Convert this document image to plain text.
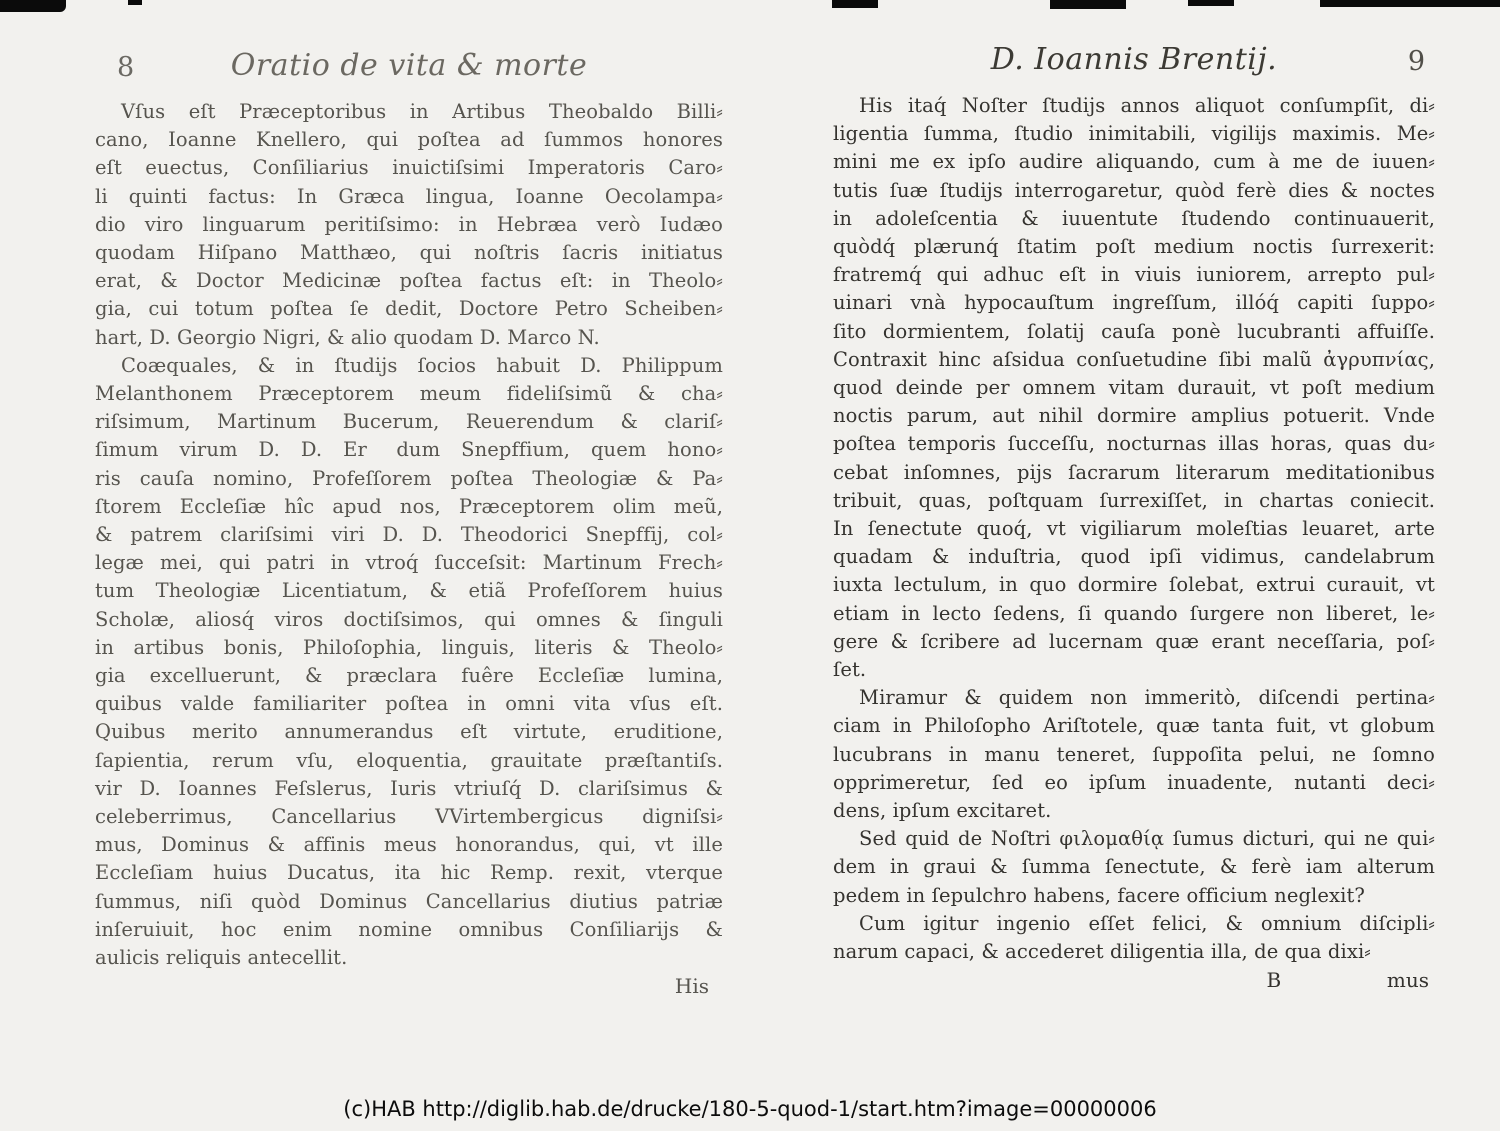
8	Oratio de vita & morte
Vſus eſt Præceptoribus in Artibus Theobaldo Billi⸗
cano, Ioanne Knellero, qui poſtea ad ſummos honores
eſt euectus, Conſiliarius inuictiſsimi Imperatoris Caro⸗
li quinti factus: In Græca lingua, Ioanne Oecolampa⸗
dio viro linguarum peritiſsimo: in Hebræa verò Iudæo
quodam Hiſpano Matthæo, qui noſtris ſacris initiatus
erat, & Doctor Medicinæ poſtea factus eſt: in Theolo⸗
gia, cui totum poſtea ſe dedit, Doctore Petro Scheiben⸗
hart, D. Georgio Nigri, & alio quodam D. Marco N.
Coæquales, & in ſtudijs ſocios habuit D. Philippum
Melanthonem Præceptorem meum fideliſsimũ & cha⸗
riſsimum, Martinum Bucerum, Reuerendum & clariſ⸗
ſimum virum D. D. Er  dum Snepffium, quem hono⸗
ris cauſa nomino, Profeſſorem poſtea Theologiæ & Pa⸗
ſtorem Eccleſiæ hîc apud nos, Præceptorem olim meũ,
& patrem clariſsimi viri D. D. Theodorici Snepffij, col⸗
legæ mei, qui patri in vtroq́ ſucceſsit: Martinum Frech⸗
tum Theologiæ Licentiatum, & etiã Profeſſorem huius
Scholæ, aliosq́ viros doctiſsimos, qui omnes & ſinguli
in artibus bonis, Philoſophia, linguis, literis & Theolo⸗
gia excelluerunt, & præclara fuêre Eccleſiæ lumina,
quibus valde familiariter poſtea in omni vita vſus eſt.
Quibus merito annumerandus eſt virtute, eruditione,
ſapientia, rerum vſu, eloquentia, grauitate præſtantiſs.
vir D. Ioannes Feſslerus, Iuris vtriuſq́ D. clariſsimus &
celeberrimus, Cancellarius VVirtembergicus digniſsi⸗
mus, Dominus & affinis meus honorandus, qui, vt ille
Eccleſiam huius Ducatus, ita hic Remp. rexit, vterque
ſummus, niſi quòd Dominus Cancellarius diutius patriæ
inſeruiuit, hoc enim nomine omnibus Conſiliarijs &
aulicis reliquis antecellit.
His
D. Ioannis Brentij.	9
His itaq́ Noſter ſtudijs annos aliquot conſumpſit, di⸗
ligentia ſumma, ſtudio inimitabili, vigilijs maximis. Me⸗
mini me ex ipſo audire aliquando, cum à me de iuuen⸗
tutis ſuæ ſtudijs interrogaretur, quòd ferè dies & noctes
in adoleſcentia & iuuentute ſtudendo continuauerit,
quòdq́ plærunq́ ſtatim poſt medium noctis ſurrexerit:
fratremq́ qui adhuc eſt in viuis iuniorem, arrepto pul⸗
uinari vnà hypocauſtum ingreſſum, illóq́ capiti ſuppo⸗
ſito dormientem, ſolatij cauſa ponè lucubranti affuiſſe.
Contraxit hinc aſsidua conſuetudine ſibi malũ ἀγρυπνίας,
quod deinde per omnem vitam durauit, vt poſt medium
noctis parum, aut nihil dormire amplius potuerit. Vnde
poſtea temporis ſucceſſu, nocturnas illas horas, quas du⸗
cebat inſomnes, pijs ſacrarum literarum meditationibus
tribuit, quas, poſtquam ſurrexiſſet, in chartas coniecit.
In ſenectute quoq́, vt vigiliarum moleſtias leuaret, arte
quadam & induſtria, quod ipſi vidimus, candelabrum
iuxta lectulum, in quo dormire ſolebat, extrui curauit, vt
etiam in lecto ſedens, ſi quando ſurgere non liberet, le⸗
gere & ſcribere ad lucernam quæ erant neceſſaria, poſ⸗
ſet.
Miramur & quidem non immeritò, diſcendi pertina⸗
ciam in Philoſopho Ariſtotele, quæ tanta fuit, vt globum
lucubrans in manu teneret, ſuppoſita pelui, ne ſomno
opprimeretur, ſed eo ipſum inuadente, nutanti deci⸗
dens, ipſum excitaret.
Sed quid de Noſtri φιλομαθίᾳ ſumus dicturi, qui ne qui⸗
dem in graui & ſumma ſenectute, & ferè iam alterum
pedem in ſepulchro habens, facere officium neglexit?
Cum igitur ingenio eſſet felici, & omnium diſcipli⸗
narum capaci, & accederet diligentia illa, de qua dixi⸗
B	mus
(c)HAB http://diglib.hab.de/drucke/180-5-quod-1/start.htm?image=00000006
